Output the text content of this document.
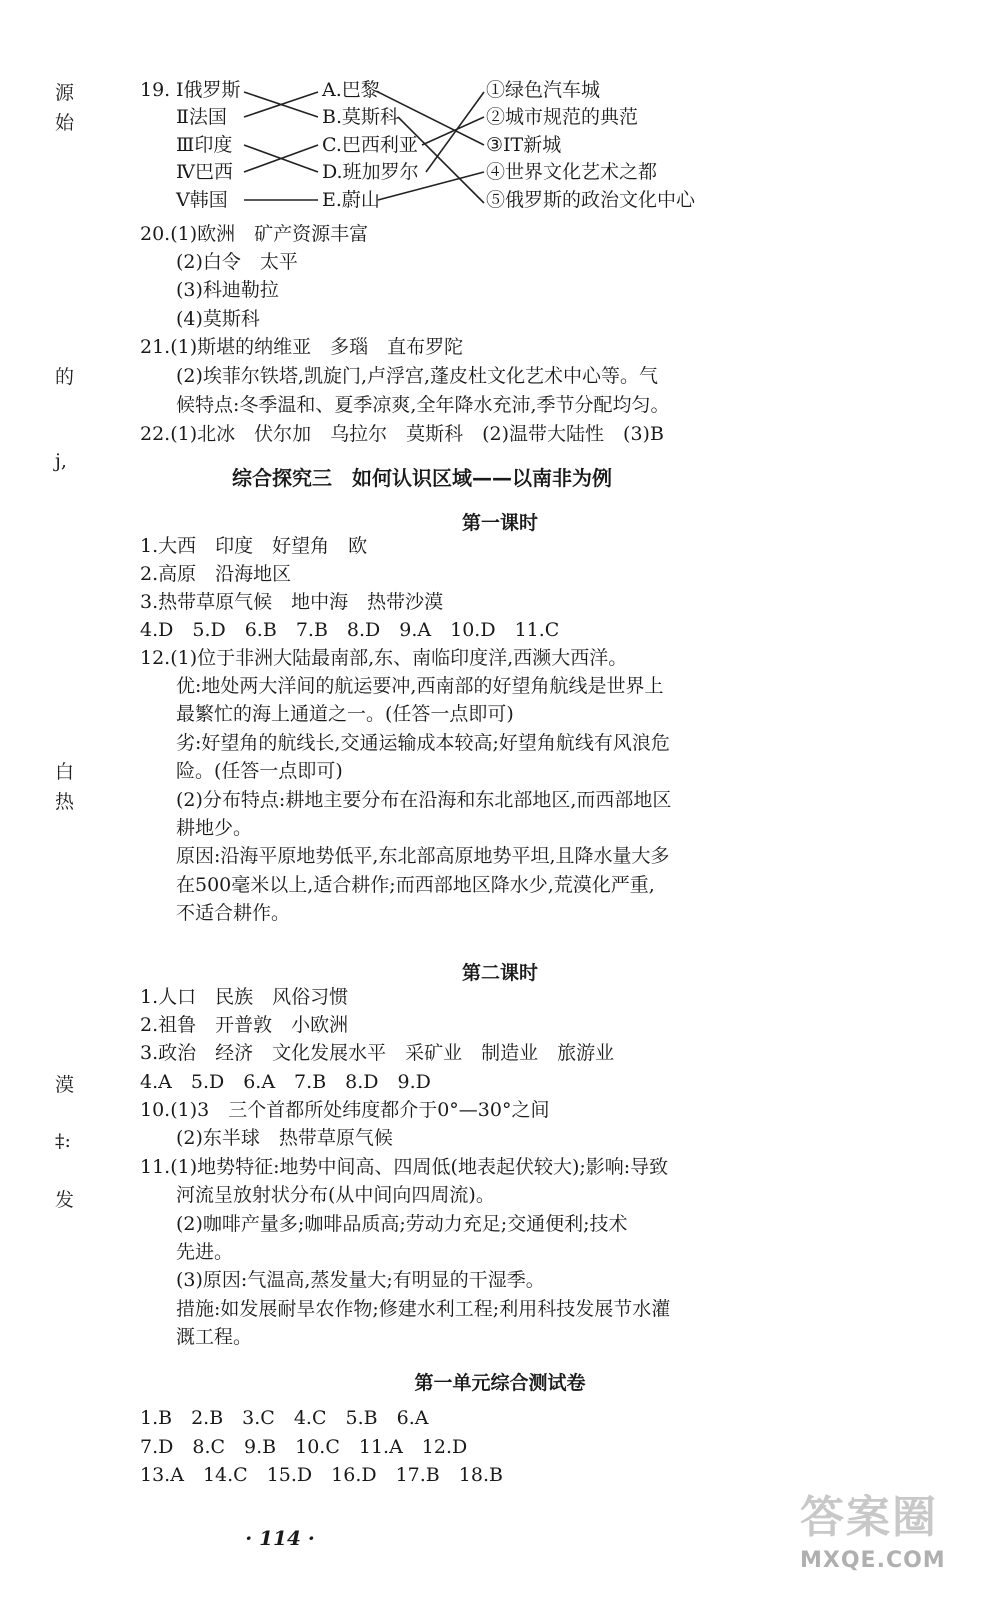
源
始
的
j,
白
热
漠
‡:
发
19. Ⅰ俄罗斯
Ⅱ法国
Ⅲ印度
Ⅳ巴西
Ⅴ韩国
A.巴黎
B.莫斯科
C.巴西利亚
D.班加罗尔
E.蔚山
①绿色汽车城
②城市规范的典范
③IT新城
④世界文化艺术之都
⑤俄罗斯的政治文化中心
20.(1)欧洲　矿产资源丰富
(2)白令　太平
(3)科迪勒拉
(4)莫斯科
21.(1)斯堪的纳维亚　多瑙　直布罗陀
(2)埃菲尔铁塔,凯旋门,卢浮宫,蓬皮杜文化艺术中心等。气
候特点:冬季温和、夏季凉爽,全年降水充沛,季节分配均匀。
22.(1)北冰　伏尔加　乌拉尔　莫斯科　(2)温带大陆性　(3)B
综合探究三　如何认识区域——以南非为例
第一课时
1.大西　印度　好望角　欧
2.高原　沿海地区
3.热带草原气候　地中海　热带沙漠
4.D　5.D　6.B　7.B　8.D　9.A　10.D　11.C
12.(1)位于非洲大陆最南部,东、南临印度洋,西濒大西洋。
优:地处两大洋间的航运要冲,西南部的好望角航线是世界上
最繁忙的海上通道之一。(任答一点即可)
劣:好望角的航线长,交通运输成本较高;好望角航线有风浪危
险。(任答一点即可)
(2)分布特点:耕地主要分布在沿海和东北部地区,而西部地区
耕地少。
原因:沿海平原地势低平,东北部高原地势平坦,且降水量大多
在500毫米以上,适合耕作;而西部地区降水少,荒漠化严重,
不适合耕作。
第二课时
1.人口　民族　风俗习惯
2.祖鲁　开普敦　小欧洲
3.政治　经济　文化发展水平　采矿业　制造业　旅游业
4.A　5.D　6.A　7.B　8.D　9.D
10.(1)3　三个首都所处纬度都介于0°—30°之间
(2)东半球　热带草原气候
11.(1)地势特征:地势中间高、四周低(地表起伏较大);影响:导致
河流呈放射状分布(从中间向四周流)。
(2)咖啡产量多;咖啡品质高;劳动力充足;交通便利;技术
先进。
(3)原因:气温高,蒸发量大;有明显的干湿季。
措施:如发展耐旱农作物;修建水利工程;利用科技发展节水灌
溉工程。
第一单元综合测试卷
1.B　2.B　3.C　4.C　5.B　6.A
7.D　8.C　9.B　10.C　11.A　12.D
13.A　14.C　15.D　16.D　17.B　18.B
· 114 ·	答案圈
MXQE.COM
